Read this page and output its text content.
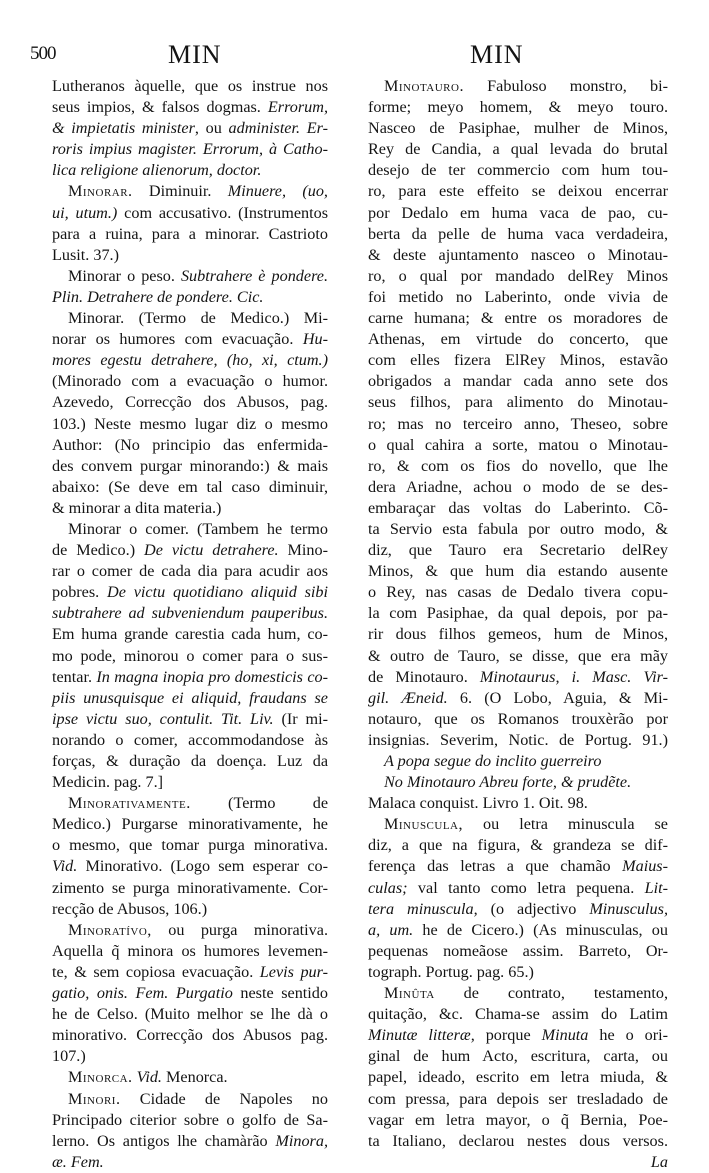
500	MIN	MIN
Lutheranos àquelle, que os instrue nos
seus impios, & falsos dogmas. Errorum,
& impietatis minister, ou administer. Er-
roris impius magister. Errorum, à Catho-
lica religione alienorum, doctor.
Minorar. Diminuir. Minuere, (uo,
ui, utum.) com accusativo. (Instrumentos
para a ruina, para a minorar. Castrioto
Lusit. 37.)
Minorar o peso. Subtrahere è pondere.
Plin. Detrahere de pondere. Cic.
Minorar. (Termo de Medico.) Mi-
norar os humores com evacuação. Hu-
mores egestu detrahere, (ho, xi, ctum.)
(Minorado com a evacuação o humor.
Azevedo, Correcção dos Abusos, pag.
103.) Neste mesmo lugar diz o mesmo
Author: (No principio das enfermida-
des convem purgar minorando:) & mais
abaixo: (Se deve em tal caso diminuir,
& minorar a dita materia.)
Minorar o comer. (Tambem he termo
de Medico.) De victu detrahere. Mino-
rar o comer de cada dia para acudir aos
pobres. De victu quotidiano aliquid sibi
subtrahere ad subveniendum pauperibus.
Em huma grande carestia cada hum, co-
mo pode, minorou o comer para o sus-
tentar. In magna inopia pro domesticis co-
piis unusquisque ei aliquid, fraudans se
ipse victu suo, contulit. Tit. Liv. (Ir mi-
norando o comer, accommodandose às
forças, & duração da doença. Luz da
Medicin. pag. 7.]
Minorativamente. (Termo de
Medico.) Purgarse minorativamente, he
o mesmo, que tomar purga minorativa.
Vid. Minorativo. (Logo sem esperar co-
zimento se purga minorativamente. Cor-
recção de Abusos, 106.)
Minoratívo, ou purga minorativa.
Aquella q̃ minora os humores levemen-
te, & sem copiosa evacuação. Levis pur-
gatio, onis. Fem. Purgatio neste sentido
he de Celso. (Muito melhor se lhe dà o
minorativo. Correcção dos Abusos pag.
107.)
Minorca. Vid. Menorca.
Minori. Cidade de Napoles no
Principado citerior sobre o golfo de Sa-
lerno. Os antigos lhe chamàrão Minora,
æ. Fem.
Minotauro. Fabuloso monstro, bi-
forme; meyo homem, & meyo touro.
Nasceo de Pasiphae, mulher de Minos,
Rey de Candia, a qual levada do brutal
desejo de ter commercio com hum tou-
ro, para este effeito se deixou encerrar
por Dedalo em huma vaca de pao, cu-
berta da pelle de huma vaca verdadeira,
& deste ajuntamento nasceo o Minotau-
ro, o qual por mandado delRey Minos
foi metido no Laberinto, onde vivia de
carne humana; & entre os moradores de
Athenas, em virtude do concerto, que
com elles fizera ElRey Minos, estavão
obrigados a mandar cada anno sete dos
seus filhos, para alimento do Minotau-
ro; mas no terceiro anno, Theseo, sobre
o qual cahira a sorte, matou o Minotau-
ro, & com os fios do novello, que lhe
dera Ariadne, achou o modo de se des-
embaraçar das voltas do Laberinto. Cõ-
ta Servio esta fabula por outro modo, &
diz, que Tauro era Secretario delRey
Minos, & que hum dia estando ausente
o Rey, nas casas de Dedalo tivera copu-
la com Pasiphae, da qual depois, por pa-
rir dous filhos gemeos, hum de Minos,
& outro de Tauro, se disse, que era mãy
de Minotauro. Minotaurus, i. Masc. Vir-
gil. Æneid. 6. (O Lobo, Aguia, & Mi-
notauro, que os Romanos trouxèrão por
insignias. Severim, Notic. de Portug. 91.)
A popa segue do inclito guerreiro
No Minotauro Abreu forte, & prudẽte.
Malaca conquist. Livro 1. Oit. 98.
Minuscula, ou letra minuscula se
diz, a que na figura, & grandeza se dif-
ferença das letras a que chamão Maius-
culas; val tanto como letra pequena. Lit-
tera minuscula, (o adjectivo Minusculus,
a, um. he de Cicero.) (As minusculas, ou
pequenas nomeãose assim. Barreto, Or-
tograph. Portug. pag. 65.)
Minûta de contrato, testamento,
quitação, &c. Chama-se assim do Latim
Minutæ litteræ, porque Minuta he o ori-
ginal de hum Acto, escritura, carta, ou
papel, ideado, escrito em letra miuda, &
com pressa, para depois ser tresladado de
vagar em letra mayor, o q̃ Bernia, Poe-
ta Italiano, declarou nestes dous versos.
La
